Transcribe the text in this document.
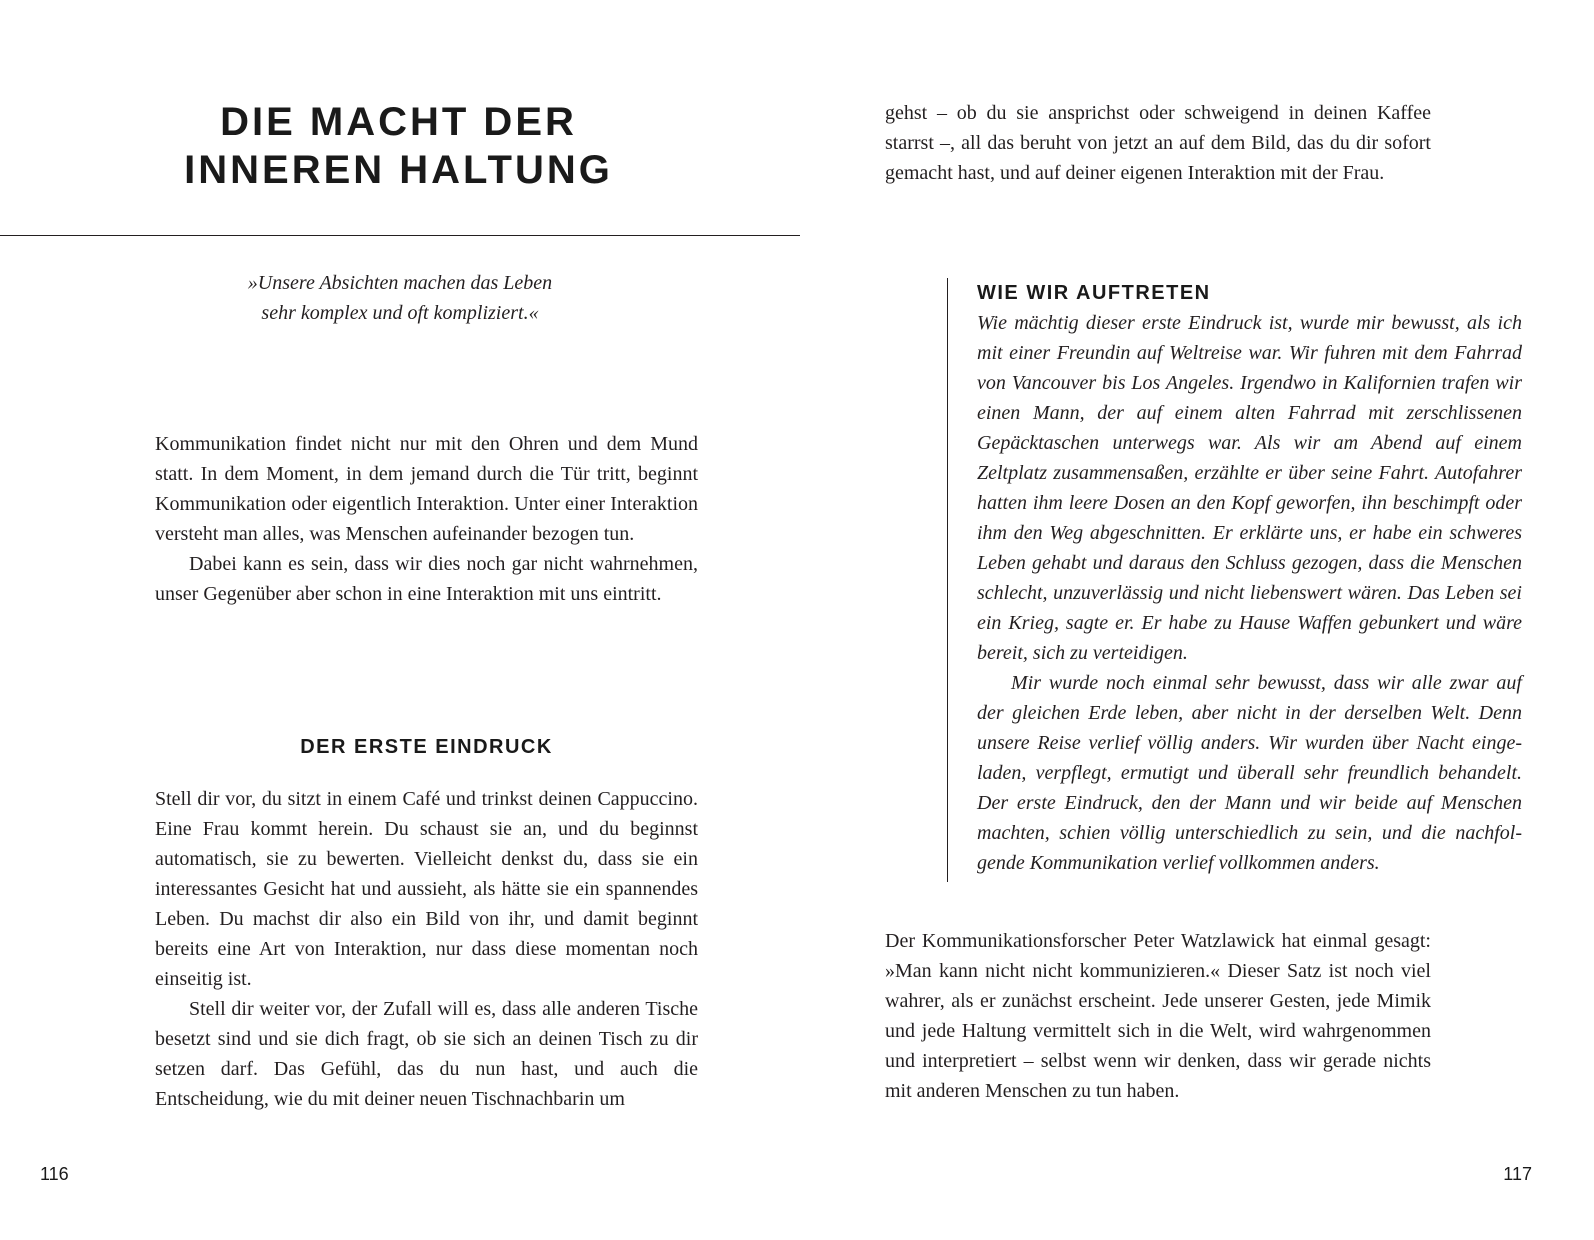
DIE MACHT DER
INNEREN HALTUNG
»Unsere Absichten machen das Leben
sehr komplex und oft kompliziert.«

Kommunikation findet nicht nur mit den Ohren und dem Mund statt. In dem Moment, in dem jemand durch die Tür tritt, beginnt Kommunikation oder eigentlich Interaktion. Unter einer Interaktion versteht man alles, was Menschen aufeinander bezogen tun.

Dabei kann es sein, dass wir dies noch gar nicht wahrnehmen, unser Gegenüber aber schon in eine Interaktion mit uns eintritt.

DER ERSTE EINDRUCK

Stell dir vor, du sitzt in einem Café und trinkst deinen Cappuccino. Eine Frau kommt herein. Du schaust sie an, und du beginnst automatisch, sie zu bewerten. Vielleicht denkst du, dass sie ein interessantes Gesicht hat und aussieht, als hätte sie ein spannendes Leben. Du machst dir also ein Bild von ihr, und damit beginnt bereits eine Art von Interaktion, nur dass diese momentan noch einseitig ist.

Stell dir weiter vor, der Zufall will es, dass alle anderen Tische besetzt sind und sie dich fragt, ob sie sich an deinen Tisch zu dir setzen darf. Das Gefühl, das du nun hast, und auch die Entscheidung, wie du mit deiner neuen Tischnachbarin um

116

gehst – ob du sie ansprichst oder schweigend in deinen Kaffee starrst –, all das beruht von jetzt an auf dem Bild, das du dir sofort gemacht hast, und auf deiner eigenen Interaktion mit der Frau.

WIE WIR AUFTRETEN

Wie mächtig dieser erste Eindruck ist, wurde mir bewusst, als ich mit einer Freundin auf Weltreise war. Wir fuhren mit dem Fahrrad von Vancouver bis Los Angeles. Irgendwo in Kalifornien trafen wir einen Mann, der auf einem alten Fahrrad mit zerschlissenen Gepäcktaschen unterwegs war. Als wir am Abend auf einem Zeltplatz zusammensaßen, erzählte er über seine Fahrt. Autofahrer hatten ihm leere Dosen an den Kopf geworfen, ihn beschimpft oder ihm den Weg abgeschnitten. Er erklärte uns, er habe ein schweres Leben gehabt und daraus den Schluss gezogen, dass die Menschen schlecht, unzuverlässig und nicht liebenswert wären. Das Leben sei ein Krieg, sagte er. Er habe zu Hause Waffen gebunkert und wäre bereit, sich zu verteidigen.

Mir wurde noch einmal sehr bewusst, dass wir alle zwar auf der gleichen Erde leben, aber nicht in der derselben Welt. Denn unsere Reise verlief völlig anders. Wir wurden über Nacht eingeladen, verpflegt, ermutigt und überall sehr freundlich behandelt. Der erste Eindruck, den der Mann und wir beide auf Menschen machten, schien völlig unterschiedlich zu sein, und die nachfolgende Kommunikation verlief vollkommen anders.

Der Kommunikationsforscher Peter Watzlawick hat einmal gesagt: »Man kann nicht nicht kommunizieren.« Dieser Satz ist noch viel wahrer, als er zunächst erscheint. Jede unserer Gesten, jede Mimik und jede Haltung vermittelt sich in die Welt, wird wahrgenommen und interpretiert – selbst wenn wir denken, dass wir gerade nichts mit anderen Menschen zu tun haben.

117
